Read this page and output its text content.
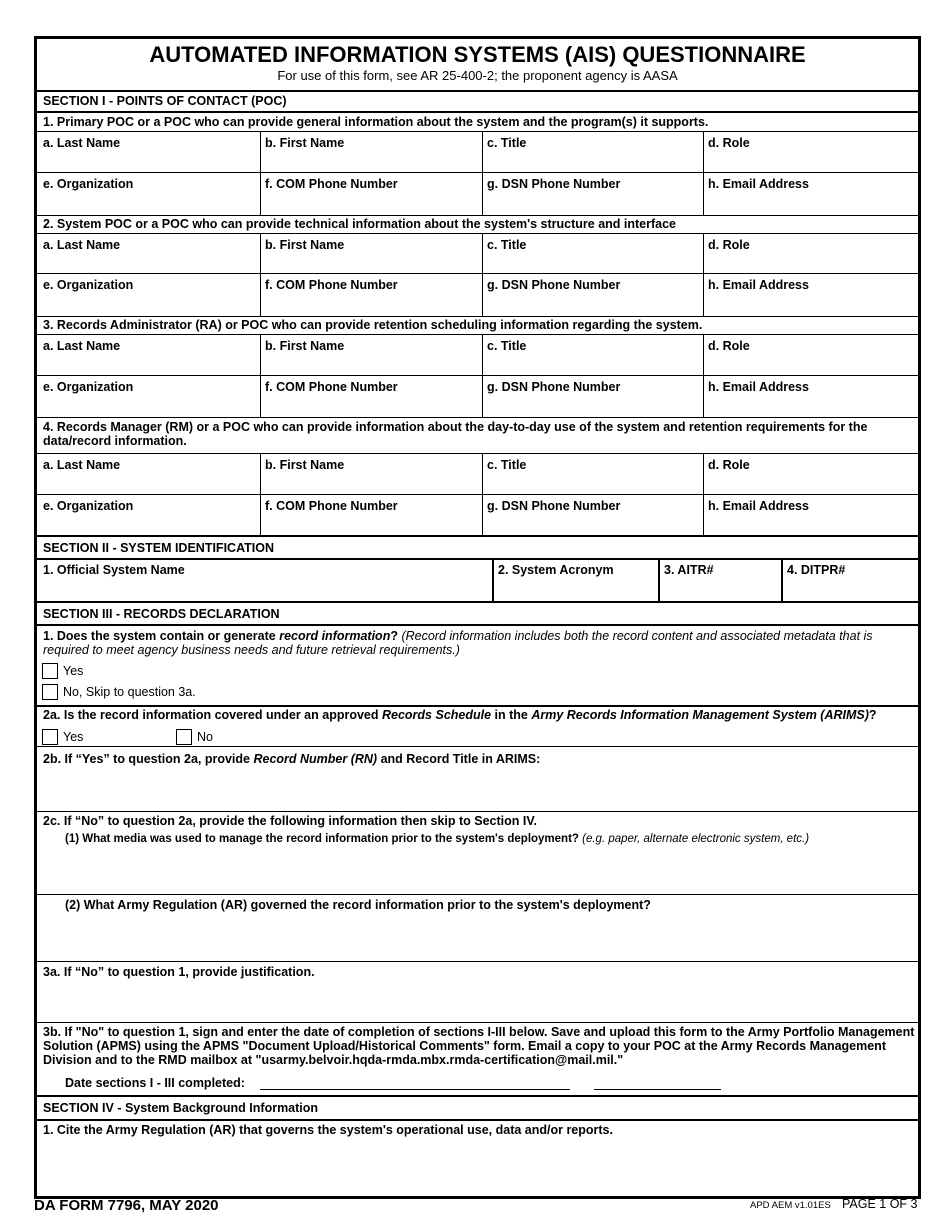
AUTOMATED INFORMATION SYSTEMS (AIS) QUESTIONNAIRE
For use of this form, see AR 25-400-2; the proponent agency is AASA
SECTION I - POINTS OF CONTACT (POC)
1. Primary POC or a POC who can provide general information about the system and the program(s) it supports.
a. Last Name	b. First Name	c. Title	d. Role
e. Organization	f. COM Phone Number	g. DSN Phone Number	h. Email Address
2. System POC or a POC who can provide technical information about the system's structure and interface
a. Last Name	b. First Name	c. Title	d. Role
e. Organization	f. COM Phone Number	g. DSN Phone Number	h. Email Address
3. Records Administrator (RA) or POC who can provide retention scheduling information regarding the system.
a. Last Name	b. First Name	c. Title	d. Role
e. Organization	f. COM Phone Number	g. DSN Phone Number	h. Email Address
4. Records Manager (RM) or a POC who can provide information about the day-to-day use of the system and retention requirements for the data/record information.
a. Last Name	b. First Name	c. Title	d. Role
e. Organization	f. COM Phone Number	g. DSN Phone Number	h. Email Address
SECTION II - SYSTEM IDENTIFICATION
1. Official System Name	2. System Acronym	3. AITR#	4. DITPR#
SECTION III - RECORDS DECLARATION
1. Does the system contain or generate record information? (Record information includes both the record content and associated metadata that is required to meet agency business needs and future retrieval requirements.)
Yes
No, Skip to question 3a.
2a. Is the record information covered under an approved Records Schedule in the Army Records Information Management System (ARIMS)?
Yes	No
2b. If “Yes” to question 2a, provide Record Number (RN) and Record Title in ARIMS:
2c. If “No” to question 2a, provide the following information then skip to Section IV.
(1) What media was used to manage the record information prior to the system's deployment? (e.g. paper, alternate electronic system, etc.)
(2) What Army Regulation (AR) governed the record information prior to the system's deployment?
3a. If “No” to question 1, provide justification.
3b. If "No" to question 1, sign and enter the date of completion of sections I-III below. Save and upload this form to the Army Portfolio Management Solution (APMS) using the APMS "Document Upload/Historical Comments" form. Email a copy to your POC at the Army Records Management Division and to the RMD mailbox at "usarmy.belvoir.hqda-rmda.mbx.rmda-certification@mail.mil."
Date sections I - III completed:
SECTION IV - System Background Information
1. Cite the Army Regulation (AR) that governs the system's operational use, data and/or reports.
DA FORM 7796, MAY 2020	APD AEM v1.01ES PAGE 1 OF 3
